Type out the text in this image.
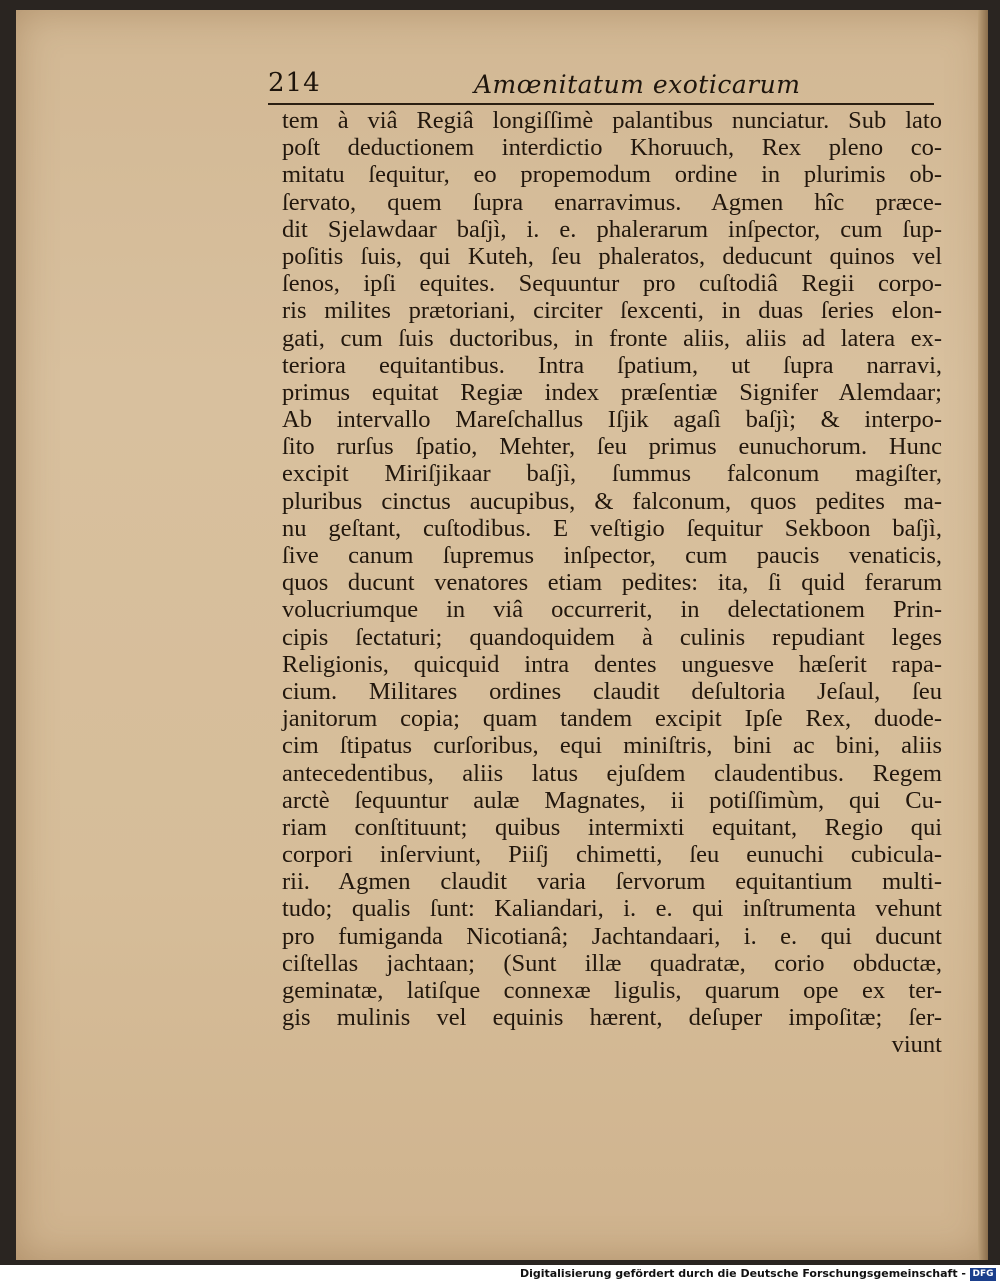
214	Amœnitatum exoticarum
tem à viâ Regiâ longiſſimè palantibus nunciatur. Sub lato
poſt deductionem interdictio Khoruuch, Rex pleno co-
mitatu ſequitur, eo propemodum ordine in plurimis ob-
ſervato, quem ſupra enarravimus. Agmen hîc præce-
dit Sjelawdaar baſjì, i. e. phalerarum inſpector, cum ſup-
poſitis ſuis, qui Kuteh, ſeu phaleratos, deducunt quinos vel
ſenos, ipſi equites. Sequuntur pro cuſtodiâ Regii corpo-
ris milites prætoriani, circiter ſexcenti, in duas ſeries elon-
gati, cum ſuis ductoribus, in fronte aliis, aliis ad latera ex-
teriora equitantibus. Intra ſpatium, ut ſupra narravi,
primus equitat Regiæ index præſentiæ Signifer Alemdaar;
Ab intervallo Mareſchallus Iſjik agaſì baſjì; & interpo-
ſito rurſus ſpatio, Mehter, ſeu primus eunuchorum. Hunc
excipit Miriſjikaar baſjì, ſummus falconum magiſter,
pluribus cinctus aucupibus, & falconum, quos pedites ma-
nu geſtant, cuſtodibus. E veſtigio ſequitur Sekboon baſjì,
ſive canum ſupremus inſpector, cum paucis venaticis,
quos ducunt venatores etiam pedites: ita, ſi quid ferarum
volucriumque in viâ occurrerit, in delectationem Prin-
cipis ſectaturi; quandoquidem à culinis repudiant leges
Religionis, quicquid intra dentes unguesve hæſerit rapa-
cium. Militares ordines claudit deſultoria Jeſaul, ſeu
janitorum copia; quam tandem excipit Ipſe Rex, duode-
cim ſtipatus curſoribus, equi miniſtris, bini ac bini, aliis
antecedentibus, aliis latus ejuſdem claudentibus. Regem
arctè ſequuntur aulæ Magnates, ii potiſſimùm, qui Cu-
riam conſtituunt; quibus intermixti equitant, Regio qui
corpori inſerviunt, Piiſj chimetti, ſeu eunuchi cubicula-
rii. Agmen claudit varia ſervorum equitantium multi-
tudo; qualis ſunt: Kaliandari, i. e. qui inſtrumenta vehunt
pro fumiganda Nicotianâ; Jachtandaari, i. e. qui ducunt
ciſtellas jachtaan; (Sunt illæ quadratæ, corio obductæ,
geminatæ, latiſque connexæ ligulis, quarum ope ex ter-
gis mulinis vel equinis hærent, deſuper impoſitæ; ſer-
viunt
Digitalisierung gefördert durch die Deutsche Forschungsgemeinschaft - DFG
